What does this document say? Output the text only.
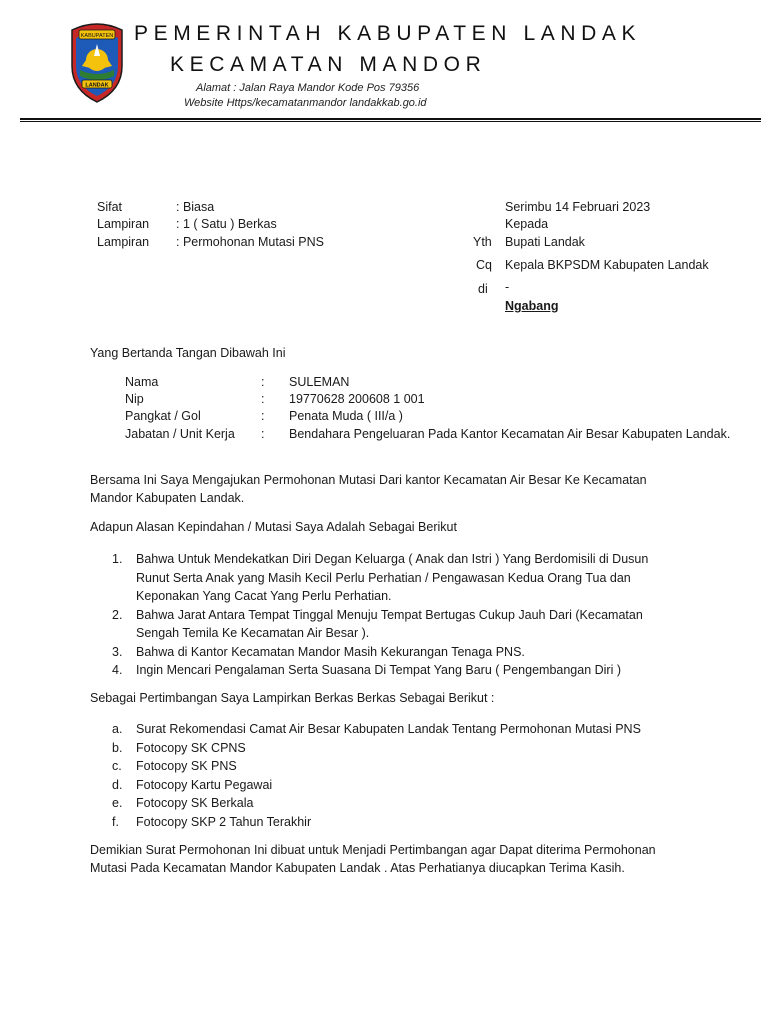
KABUPATEN
LANDAK
PEMERINTAH KABUPATEN LANDAK
KECAMATAN MANDOR
Alamat : Jalan Raya Mandor Kode Pos 79356
Website Https/kecamatanmandor landakkab.go.id
Sifat	: Biasa
Lampiran : 1 ( Satu ) Berkas
Lampiran : Permohonan Mutasi PNS
Serimbu 14 Februari 2023
Kepada
Yth Bupati Landak
Cq Kepala BKPSDM Kabupaten Landak
di -
Ngabang
Yang Bertanda Tangan Dibawah Ini
Nama	: SULEMAN
Nip	: 19770628 200608 1 001
Pangkat / Gol	: Penata Muda ( III/a )
Jabatan / Unit Kerja : Bendahara Pengeluaran Pada Kantor Kecamatan Air Besar Kabupaten Landak.
Bersama Ini Saya Mengajukan Permohonan Mutasi Dari kantor Kecamatan Air Besar Ke Kecamatan
Mandor Kabupaten Landak.
Adapun Alasan Kepindahan / Mutasi Saya Adalah Sebagai Berikut
1. Bahwa Untuk Mendekatkan Diri Degan Keluarga ( Anak dan Istri ) Yang Berdomisili di Dusun
Runut Serta Anak yang Masih Kecil Perlu Perhatian / Pengawasan Kedua Orang Tua dan
Keponakan Yang Cacat Yang Perlu Perhatian.
2. Bahwa Jarat Antara Tempat Tinggal Menuju Tempat Bertugas Cukup Jauh Dari (Kecamatan
Sengah Temila Ke Kecamatan Air Besar ).
3. Bahwa di Kantor Kecamatan Mandor Masih Kekurangan Tenaga PNS.
4. Ingin Mencari Pengalaman Serta Suasana Di Tempat Yang Baru ( Pengembangan Diri )
Sebagai Pertimbangan Saya Lampirkan Berkas Berkas Sebagai Berikut :
a. Surat Rekomendasi Camat Air Besar Kabupaten Landak Tentang Permohonan Mutasi PNS
b. Fotocopy SK CPNS
c. Fotocopy SK PNS
d. Fotocopy Kartu Pegawai
e. Fotocopy SK Berkala
f. Fotocopy SKP 2 Tahun Terakhir
Demikian Surat Permohonan Ini dibuat untuk Menjadi Pertimbangan agar Dapat diterima Permohonan
Mutasi Pada Kecamatan Mandor Kabupaten Landak . Atas Perhatianya diucapkan Terima Kasih.
